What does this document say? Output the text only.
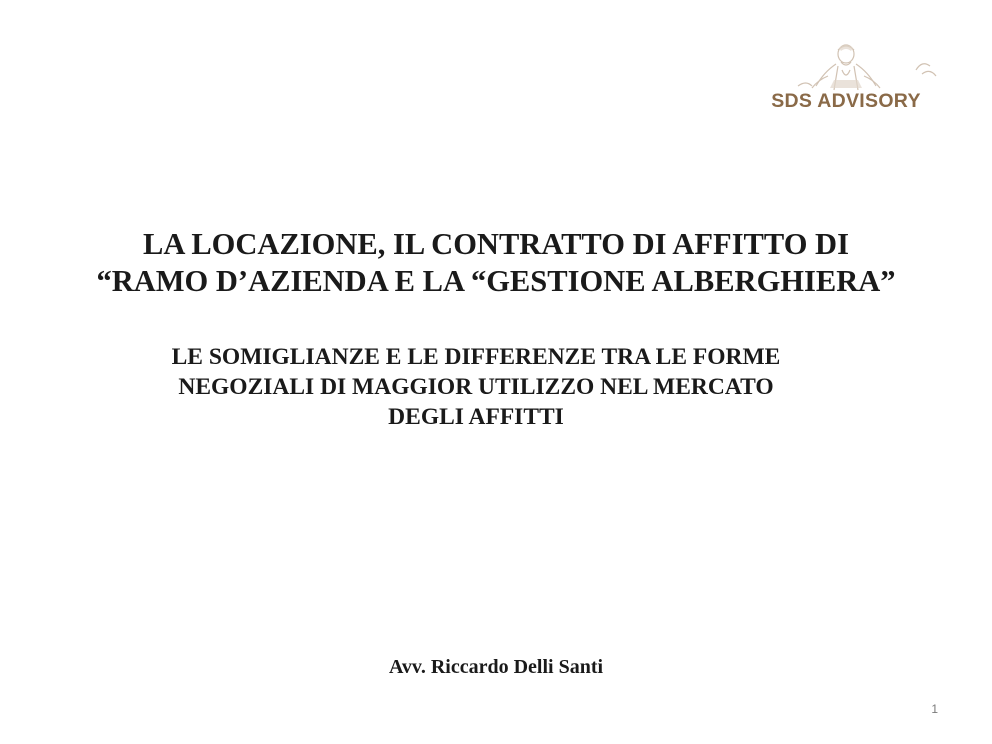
SDS ADVISORY
LA LOCAZIONE, IL CONTRATTO DI AFFITTO DI
“RAMO D’AZIENDA E LA “GESTIONE ALBERGHIERA”
LE SOMIGLIANZE E LE DIFFERENZE TRA LE FORME
NEGOZIALI DI MAGGIOR UTILIZZO NEL MERCATO
DEGLI AFFITTI

Avv. Riccardo Delli Santi

1
